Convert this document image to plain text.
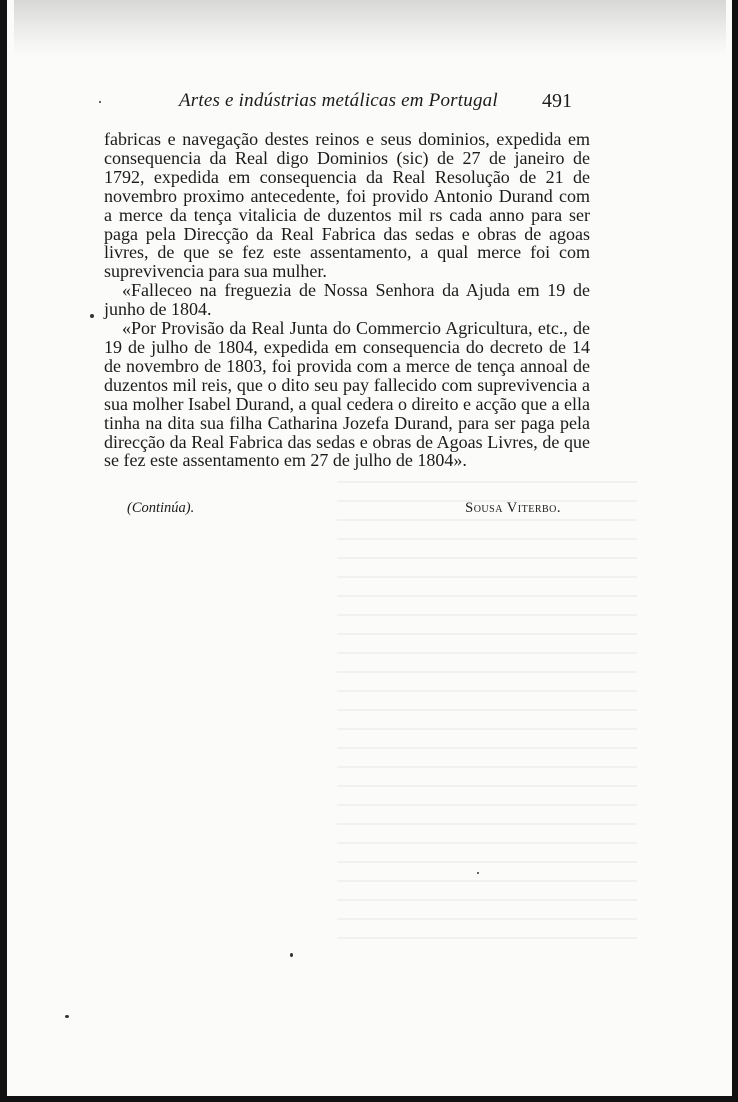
Artes e indústrias metálicas em Portugal 491

fabricas e navegação destes reinos e seus dominios, expedida em consequencia da Real digo Dominios (sic) de 27 de janeiro de 1792, expedida em consequencia da Real Resolução de 21 de novembro proximo antecedente, foi provido Antonio Durand com a merce da tença vitalicia de duzentos mil rs cada anno para ser paga pela Direcção da Real Fabrica das sedas e obras de agoas livres, de que se fez este assentamento, a qual merce foi com suprevivencia para sua mulher.

«Falleceo na freguezia de Nossa Senhora da Ajuda em 19 de junho de 1804.

«Por Provisão da Real Junta do Commercio Agricultura, etc., de 19 de julho de 1804, expedida em consequencia do decreto de 14 de novembro de 1803, foi provida com a merce de tença annoal de duzentos mil reis, que o dito seu pay fallecido com suprevivencia a sua molher Isabel Durand, a qual cedera o direito e acção que a ella tinha na dita sua filha Catharina Jozefa Durand, para ser paga pela direcção da Real Fabrica das sedas e obras de Agoas Livres, de que se fez este assentamento em 27 de julho de 1804».

(Continúa).	Sousa Viterbo.
